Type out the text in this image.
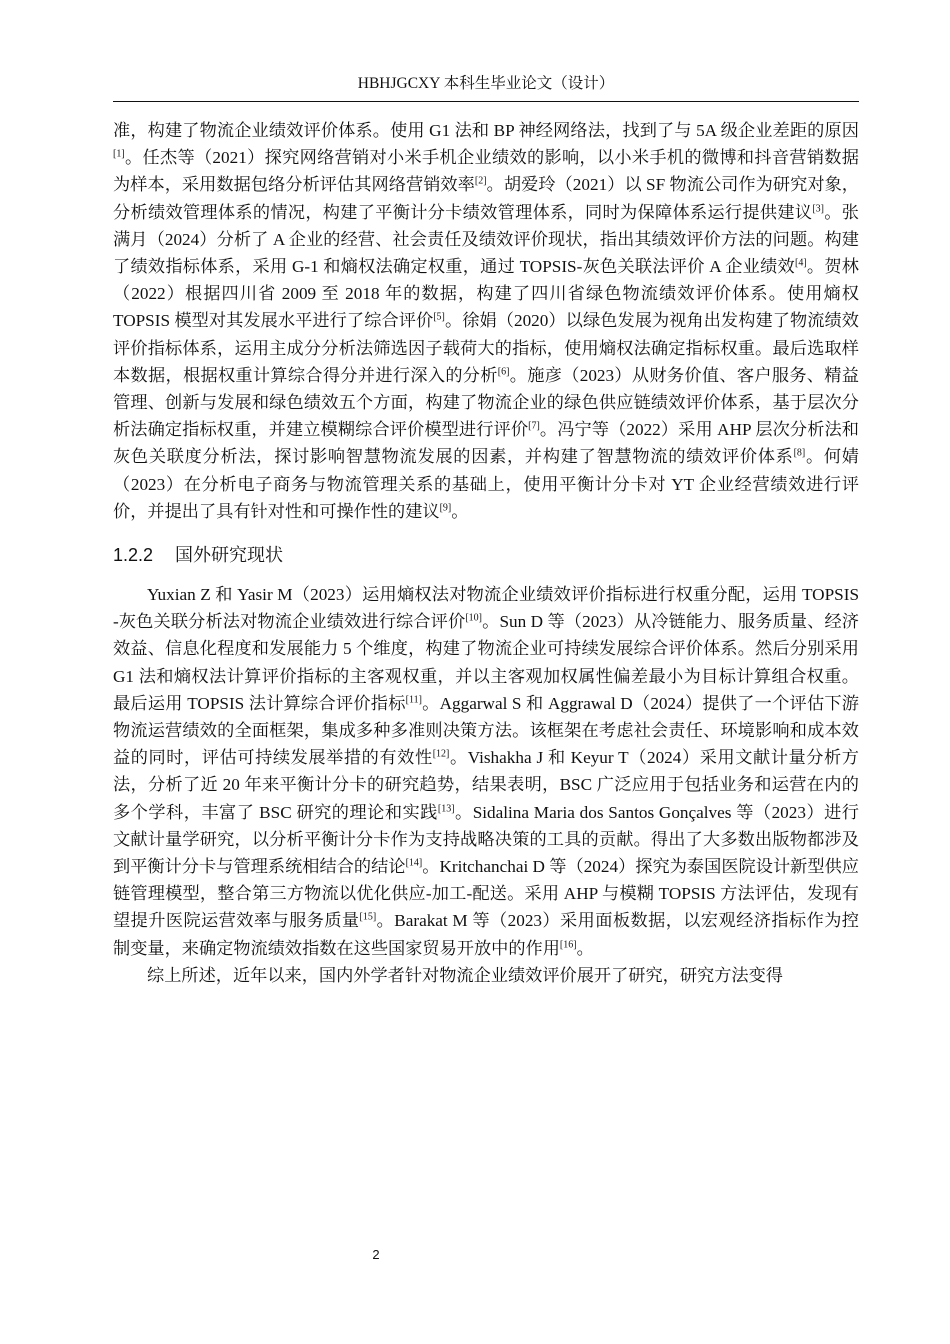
HBHJGCXY 本科生毕业论文（设计）

准，构建了物流企业绩效评价体系。使用 G1 法和 BP 神经网络法，找到了与 5A 级企业差距的原因[1]。任杰等（2021）探究网络营销对小米手机企业绩效的影响，以小米手机的微博和抖音营销数据为样本，采用数据包络分析评估其网络营销效率[2]。胡爱玲（2021）以 SF 物流公司作为研究对象，分析绩效管理体系的情况，构建了平衡计分卡绩效管理体系，同时为保障体系运行提供建议[3]。张满月（2024）分析了 A 企业的经营、社会责任及绩效评价现状，指出其绩效评价方法的问题。构建了绩效指标体系，采用 G-1 和熵权法确定权重，通过 TOPSIS-灰色关联法评价 A 企业绩效[4]。贺林（2022）根据四川省 2009 至 2018 年的数据，构建了四川省绿色物流绩效评价体系。使用熵权 TOPSIS 模型对其发展水平进行了综合评价[5]。徐娟（2020）以绿色发展为视角出发构建了物流绩效评价指标体系，运用主成分分析法筛选因子载荷大的指标，使用熵权法确定指标权重。最后选取样本数据，根据权重计算综合得分并进行深入的分析[6]。施彦（2023）从财务价值、客户服务、精益管理、创新与发展和绿色绩效五个方面，构建了物流企业的绿色供应链绩效评价体系，基于层次分析法确定指标权重，并建立模糊综合评价模型进行评价[7]。冯宁等（2022）采用 AHP 层次分析法和灰色关联度分析法，探讨影响智慧物流发展的因素，并构建了智慧物流的绩效评价体系[8]。何婧（2023）在分析电子商务与物流管理关系的基础上，使用平衡计分卡对 YT 企业经营绩效进行评价，并提出了具有针对性和可操作性的建议[9]。

1.2.2 国外研究现状

Yuxian Z 和 Yasir M（2023）运用熵权法对物流企业绩效评价指标进行权重分配，运用 TOPSIS -灰色关联分析法对物流企业绩效进行综合评价[10]。Sun D 等（2023）从冷链能力、服务质量、经济效益、信息化程度和发展能力 5 个维度，构建了物流企业可持续发展综合评价体系。然后分别采用 G1 法和熵权法计算评价指标的主客观权重，并以主客观加权属性偏差最小为目标计算组合权重。最后运用 TOPSIS 法计算综合评价指标[11]。Aggarwal S 和 Aggrawal D（2024）提供了一个评估下游物流运营绩效的全面框架，集成多种多准则决策方法。该框架在考虑社会责任、环境影响和成本效益的同时，评估可持续发展举措的有效性[12]。Vishakha J 和 Keyur T（2024）采用文献计量分析方法，分析了近 20 年来平衡计分卡的研究趋势，结果表明，BSC 广泛应用于包括业务和运营在内的多个学科，丰富了 BSC 研究的理论和实践[13]。Sidalina Maria dos Santos Gonçalves 等（2023）进行文献计量学研究，以分析平衡计分卡作为支持战略决策的工具的贡献。得出了大多数出版物都涉及到平衡计分卡与管理系统相结合的结论[14]。Kritchanchai D 等（2024）探究为泰国医院设计新型供应链管理模型，整合第三方物流以优化供应-加工-配送。采用 AHP 与模糊 TOPSIS 方法评估，发现有望提升医院运营效率与服务质量[15]。Barakat M 等（2023）采用面板数据，以宏观经济指标作为控制变量，来确定物流绩效指数在这些国家贸易开放中的作用[16]。

综上所述，近年以来，国内外学者针对物流企业绩效评价展开了研究，研究方法变得

2
